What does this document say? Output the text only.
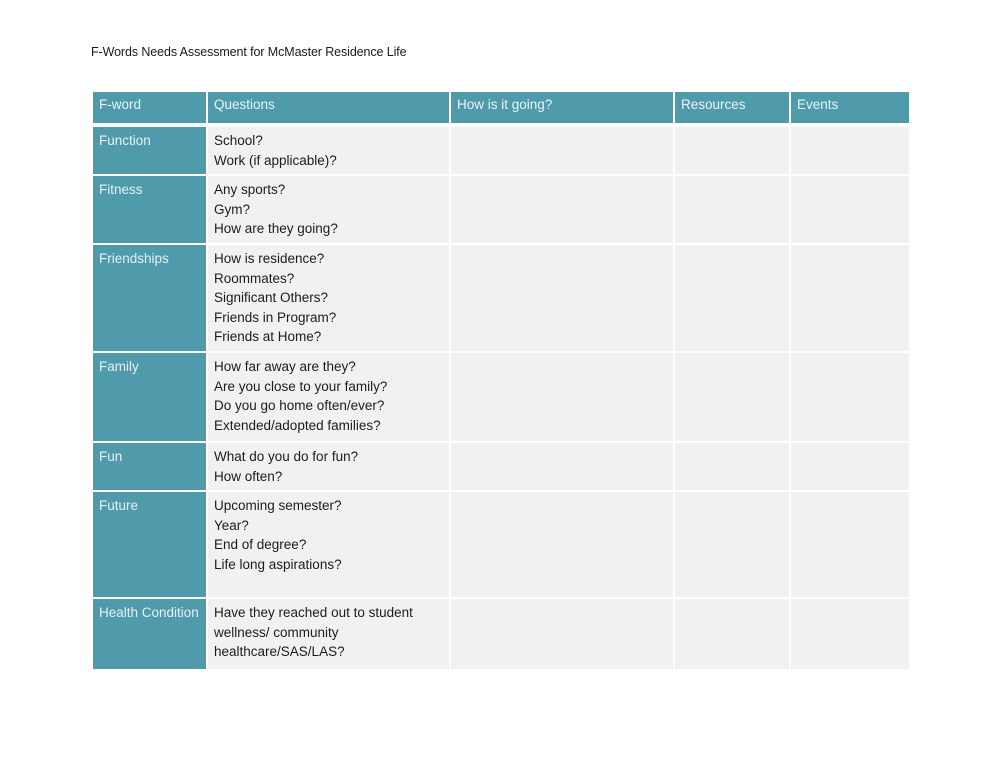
F-Words Needs Assessment for McMaster Residence Life
F-word	Questions	How is it going?	Resources	Events
Function	School?
Work (if applicable)?			

Fitness	Any sports?
Gym?
How are they going?			

Friendships	How is residence?
Roommates?
Significant Others?
Friends in Program?
Friends at Home?			

Family	How far away are they?
Are you close to your family?
Do you go home often/ever?
Extended/adopted families?			

Fun	What do you do for fun?
How often?			

Future	Upcoming semester?
Year?
End of degree?
Life long aspirations?			

Health Condition	Have they reached out to student wellness/ community healthcare/SAS/LAS?			
